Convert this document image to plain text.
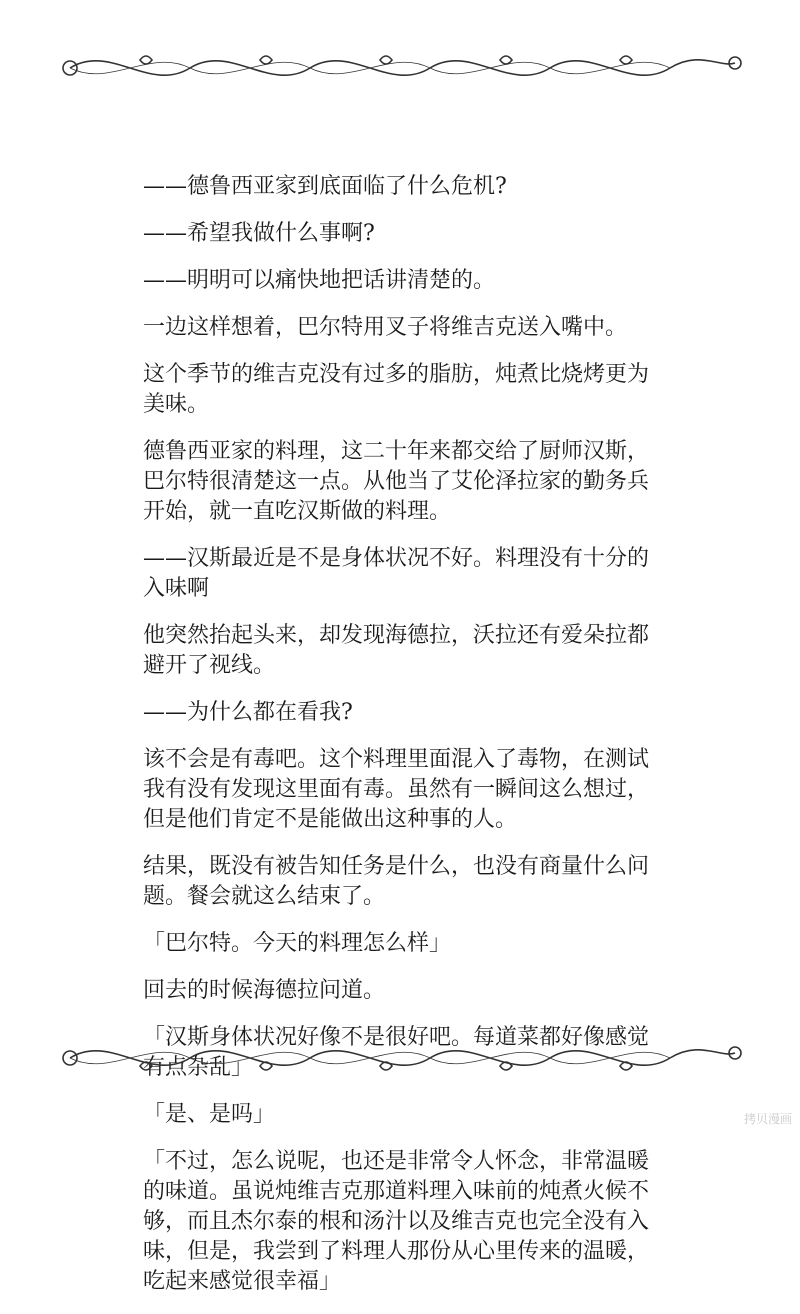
——德鲁西亚家到底面临了什么危机?

——希望我做什么事啊?

——明明可以痛快地把话讲清楚的。

一边这样想着，巴尔特用叉子将维吉克送入嘴中。

这个季节的维吉克没有过多的脂肪，炖煮比烧烤更为美味。

德鲁西亚家的料理，这二十年来都交给了厨师汉斯，巴尔特很清楚这一点。从他当了艾伦泽拉家的勤务兵开始，就一直吃汉斯做的料理。

——汉斯最近是不是身体状况不好。料理没有十分的入味啊

他突然抬起头来，却发现海德拉，沃拉还有爱朵拉都避开了视线。

——为什么都在看我?

该不会是有毒吧。这个料理里面混入了毒物，在测试我有没有发现这里面有毒。虽然有一瞬间这么想过，但是他们肯定不是能做出这种事的人。

结果，既没有被告知任务是什么，也没有商量什么问题。餐会就这么结束了。

「巴尔特。今天的料理怎么样」

回去的时候海德拉问道。

「汉斯身体状况好像不是很好吧。每道菜都好像感觉有点杂乱」

「是、是吗」

「不过，怎么说呢，也还是非常令人怀念，非常温暖的味道。虽说炖维吉克那道料理入味前的炖煮火候不够，而且杰尔泰的根和汤汁以及维吉克也完全没有入味，但是，我尝到了料理人那份从心里传来的温暖，吃起来感觉很幸福」

拷贝漫画
